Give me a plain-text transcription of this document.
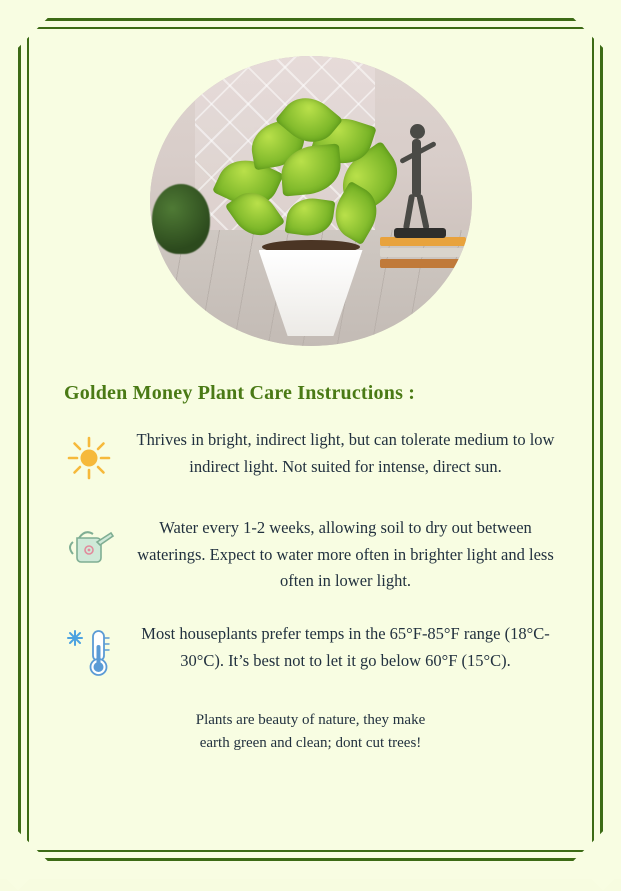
Golden Money Plant Care Instructions :
Thrives in bright, indirect light, but can tolerate medium to low indirect light. Not suited for intense, direct sun.
Water every 1-2 weeks, allowing soil to dry out between waterings. Expect to water more often in brighter light and less often in lower light.
Most houseplants prefer temps in the 65°F-85°F range (18°C-30°C). It’s best not to let it go below 60°F (15°C).
Plants are beauty of nature, they make
earth green and clean; dont cut trees!
